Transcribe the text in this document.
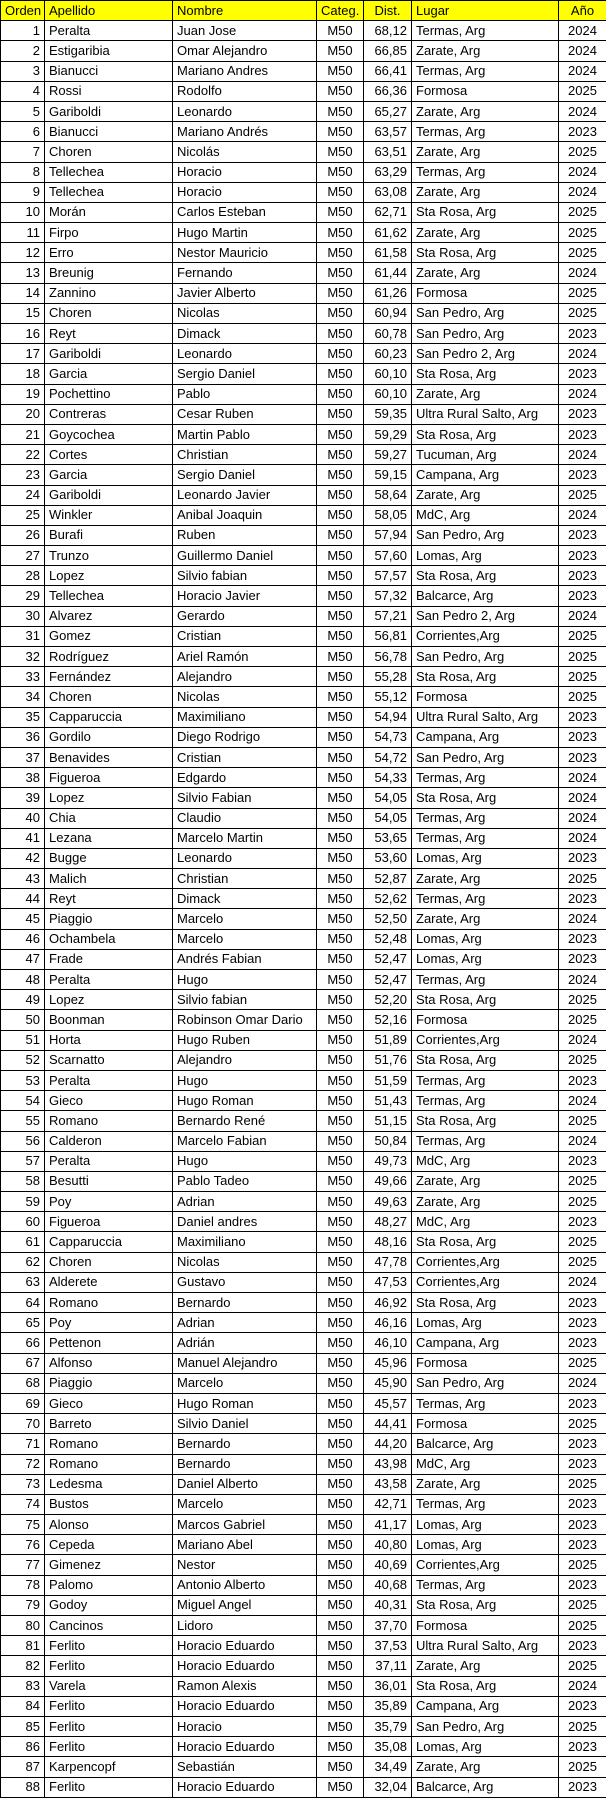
Orden	Apellido	Nombre	Categ.	Dist.	Lugar	Año
1	Peralta	Juan Jose	M50	68,12	Termas, Arg	2024
2	Estigaribia	Omar Alejandro	M50	66,85	Zarate, Arg	2024
3	Bianucci	Mariano Andres	M50	66,41	Termas, Arg	2024
4	Rossi	Rodolfo	M50	66,36	Formosa	2025
5	Gariboldi	Leonardo	M50	65,27	Zarate, Arg	2024
6	Bianucci	Mariano Andrés	M50	63,57	Termas, Arg	2023
7	Choren	Nicolás	M50	63,51	Zarate, Arg	2025
8	Tellechea	Horacio	M50	63,29	Termas, Arg	2024
9	Tellechea	Horacio	M50	63,08	Zarate, Arg	2024
10	Morán	Carlos Esteban	M50	62,71	Sta Rosa, Arg	2025
11	Firpo	Hugo Martin	M50	61,62	Zarate, Arg	2025
12	Erro	Nestor Mauricio	M50	61,58	Sta Rosa, Arg	2025
13	Breunig	Fernando	M50	61,44	Zarate, Arg	2024
14	Zannino	Javier Alberto	M50	61,26	Formosa	2025
15	Choren	Nicolas	M50	60,94	San Pedro, Arg	2025
16	Reyt	Dimack	M50	60,78	San Pedro, Arg	2023
17	Gariboldi	Leonardo	M50	60,23	San Pedro 2, Arg	2024
18	Garcia	Sergio Daniel	M50	60,10	Sta Rosa, Arg	2023
19	Pochettino	Pablo	M50	60,10	Zarate, Arg	2024
20	Contreras	Cesar Ruben	M50	59,35	Ultra Rural Salto, Arg	2023
21	Goycochea	Martin Pablo	M50	59,29	Sta Rosa, Arg	2023
22	Cortes	Christian	M50	59,27	Tucuman, Arg	2024
23	Garcia	Sergio Daniel	M50	59,15	Campana, Arg	2023
24	Gariboldi	Leonardo Javier	M50	58,64	Zarate, Arg	2025
25	Winkler	Anibal Joaquin	M50	58,05	MdC, Arg	2024
26	Burafi	Ruben	M50	57,94	San Pedro, Arg	2023
27	Trunzo	Guillermo Daniel	M50	57,60	Lomas, Arg	2023
28	Lopez	Silvio fabian	M50	57,57	Sta Rosa, Arg	2023
29	Tellechea	Horacio Javier	M50	57,32	Balcarce, Arg	2023
30	Alvarez	Gerardo	M50	57,21	San Pedro 2, Arg	2024
31	Gomez	Cristian	M50	56,81	Corrientes,Arg	2025
32	Rodríguez	Ariel Ramón	M50	56,78	San Pedro, Arg	2025
33	Fernández	Alejandro	M50	55,28	Sta Rosa, Arg	2025
34	Choren	Nicolas	M50	55,12	Formosa	2025
35	Capparuccia	Maximiliano	M50	54,94	Ultra Rural Salto, Arg	2023
36	Gordilo	Diego Rodrigo	M50	54,73	Campana, Arg	2023
37	Benavides	Cristian	M50	54,72	San Pedro, Arg	2023
38	Figueroa	Edgardo	M50	54,33	Termas, Arg	2024
39	Lopez	Silvio Fabian	M50	54,05	Sta Rosa, Arg	2024
40	Chia	Claudio	M50	54,05	Termas, Arg	2024
41	Lezana	Marcelo Martin	M50	53,65	Termas, Arg	2024
42	Bugge	Leonardo	M50	53,60	Lomas, Arg	2023
43	Malich	Christian	M50	52,87	Zarate, Arg	2025
44	Reyt	Dimack	M50	52,62	Termas, Arg	2023
45	Piaggio	Marcelo	M50	52,50	Zarate, Arg	2024
46	Ochambela	Marcelo	M50	52,48	Lomas, Arg	2023
47	Frade	Andrés Fabian	M50	52,47	Lomas, Arg	2023
48	Peralta	Hugo	M50	52,47	Termas, Arg	2024
49	Lopez	Silvio fabian	M50	52,20	Sta Rosa, Arg	2025
50	Boonman	Robinson Omar Dario	M50	52,16	Formosa	2025
51	Horta	Hugo Ruben	M50	51,89	Corrientes,Arg	2024
52	Scarnatto	Alejandro	M50	51,76	Sta Rosa, Arg	2025
53	Peralta	Hugo	M50	51,59	Termas, Arg	2023
54	Gieco	Hugo Roman	M50	51,43	Termas, Arg	2024
55	Romano	Bernardo René	M50	51,15	Sta Rosa, Arg	2025
56	Calderon	Marcelo Fabian	M50	50,84	Termas, Arg	2024
57	Peralta	Hugo	M50	49,73	MdC, Arg	2023
58	Besutti	Pablo Tadeo	M50	49,66	Zarate, Arg	2025
59	Poy	Adrian	M50	49,63	Zarate, Arg	2025
60	Figueroa	Daniel andres	M50	48,27	MdC, Arg	2023
61	Capparuccia	Maximiliano	M50	48,16	Sta Rosa, Arg	2025
62	Choren	Nicolas	M50	47,78	Corrientes,Arg	2025
63	Alderete	Gustavo	M50	47,53	Corrientes,Arg	2024
64	Romano	Bernardo	M50	46,92	Sta Rosa, Arg	2023
65	Poy	Adrian	M50	46,16	Lomas, Arg	2023
66	Pettenon	Adrián	M50	46,10	Campana, Arg	2023
67	Alfonso	Manuel Alejandro	M50	45,96	Formosa	2025
68	Piaggio	Marcelo	M50	45,90	San Pedro, Arg	2024
69	Gieco	Hugo Roman	M50	45,57	Termas, Arg	2023
70	Barreto	Silvio Daniel	M50	44,41	Formosa	2025
71	Romano	Bernardo	M50	44,20	Balcarce, Arg	2023
72	Romano	Bernardo	M50	43,98	MdC, Arg	2023
73	Ledesma	Daniel Alberto	M50	43,58	Zarate, Arg	2025
74	Bustos	Marcelo	M50	42,71	Termas, Arg	2023
75	Alonso	Marcos Gabriel	M50	41,17	Lomas, Arg	2023
76	Cepeda	Mariano Abel	M50	40,80	Lomas, Arg	2023
77	Gimenez	Nestor	M50	40,69	Corrientes,Arg	2025
78	Palomo	Antonio Alberto	M50	40,68	Termas, Arg	2023
79	Godoy	Miguel Angel	M50	40,31	Sta Rosa, Arg	2025
80	Cancinos	Lidoro	M50	37,70	Formosa	2025
81	Ferlito	Horacio Eduardo	M50	37,53	Ultra Rural Salto, Arg	2023
82	Ferlito	Horacio Eduardo	M50	37,11	Zarate, Arg	2025
83	Varela	Ramon Alexis	M50	36,01	Sta Rosa, Arg	2024
84	Ferlito	Horacio Eduardo	M50	35,89	Campana, Arg	2023
85	Ferlito	Horacio	M50	35,79	San Pedro, Arg	2025
86	Ferlito	Horacio Eduardo	M50	35,08	Lomas, Arg	2023
87	Karpencopf	Sebastián	M50	34,49	Zarate, Arg	2025
88	Ferlito	Horacio Eduardo	M50	32,04	Balcarce, Arg	2023
